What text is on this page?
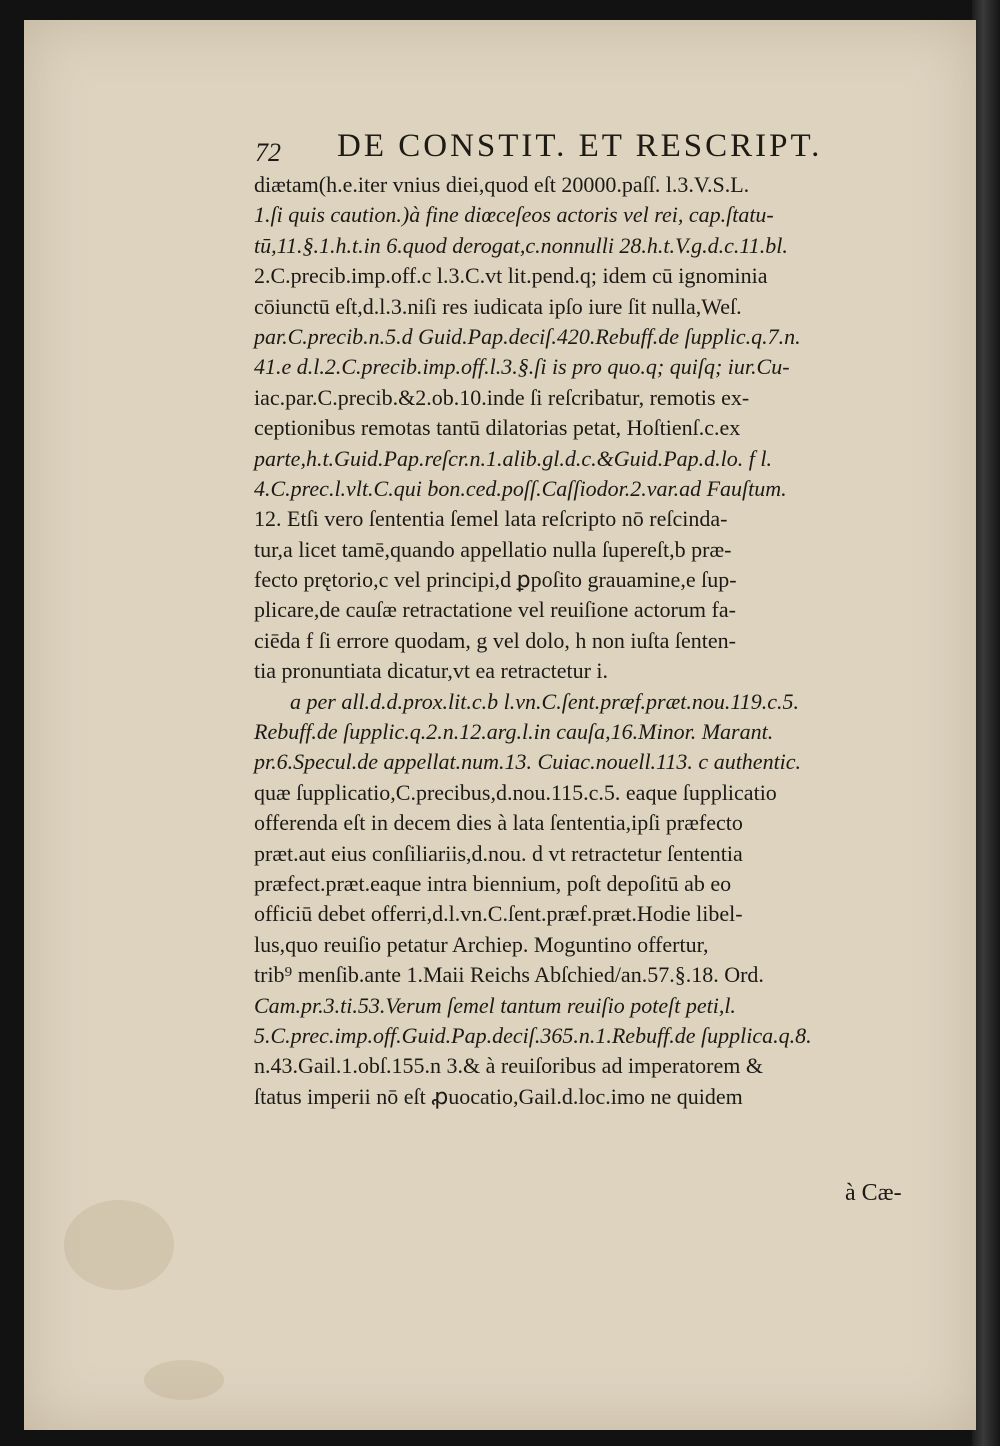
72 DE CONSTIT. ET RESCRIPT.
diætam(h.e.iter vnius diei,quod eſt 20000.paſſ. l.3.V.S.L.
1.ſi quis caution.)à fine diœceſeos actoris vel rei, cap.ſtatu-
tū,11.§.1.h.t.in 6.quod derogat,c.nonnulli 28.h.t.V.g.d.c.11.bl.
2.C.precib.imp.off.c l.3.C.vt lit.pend.q; idem cū ignominia
cōiunctū eſt,d.l.3.niſi res iudicata ipſo iure ſit nulla,Weſ.
par.C.precib.n.5.d Guid.Pap.deciſ.420.Rebuff.de ſupplic.q.7.n.
41.e d.l.2.C.precib.imp.off.l.3.§.ſi is pro quo.q; quiſq; iur.Cu-
iac.par.C.precib.&2.ob.10.inde ſi reſcribatur, remotis ex-
ceptionibus remotas tantū dilatorias petat, Hoſtienſ.c.ex
parte,h.t.Guid.Pap.reſcr.n.1.alib.gl.d.c.&Guid.Pap.d.lo. f l.
4.C.prec.l.vlt.C.qui bon.ced.poſſ.Caſſiodor.2.var.ad Fauſtum.
12. Etſi vero ſententia ſemel lata reſcripto nō reſcinda-
tur,a licet tamē,quando appellatio nulla ſupereſt,b præ-
fecto prętorio,c vel principi,d ꝑpoſito grauamine,e ſup-
plicare,de cauſæ retractatione vel reuiſione actorum fa-
ciēda f ſi errore quodam, g vel dolo, h non iuſta ſenten-
tia pronuntiata dicatur,vt ea retractetur i.
a per all.d.d.prox.lit.c.b l.vn.C.ſent.præf.præt.nou.119.c.5.
Rebuff.de ſupplic.q.2.n.12.arg.l.in cauſa,16.Minor. Marant.
pr.6.Specul.de appellat.num.13. Cuiac.nouell.113. c authentic.
quæ ſupplicatio,C.precibus,d.nou.115.c.5. eaque ſupplicatio
offerenda eſt in decem dies à lata ſententia,ipſi præfecto
præt.aut eius conſiliariis,d.nou. d vt retractetur ſententia
præfect.præt.eaque intra biennium, poſt depoſitū ab eo
officiū debet offerri,d.l.vn.C.ſent.præf.præt.Hodie libel-
lus,quo reuiſio petatur Archiep. Moguntino offertur,
trib⁹ menſib.ante 1.Maii Reichs Abſchied/an.57.§.18. Ord.
Cam.pr.3.ti.53.Verum ſemel tantum reuiſio poteſt peti,l.
5.C.prec.imp.off.Guid.Pap.deciſ.365.n.1.Rebuff.de ſupplica.q.8.
n.43.Gail.1.obſ.155.n 3.& à reuiſoribus ad imperatorem &
ſtatus imperii nō eſt ꝓuocatio,Gail.d.loc.imo ne quidem
à Cæ-
